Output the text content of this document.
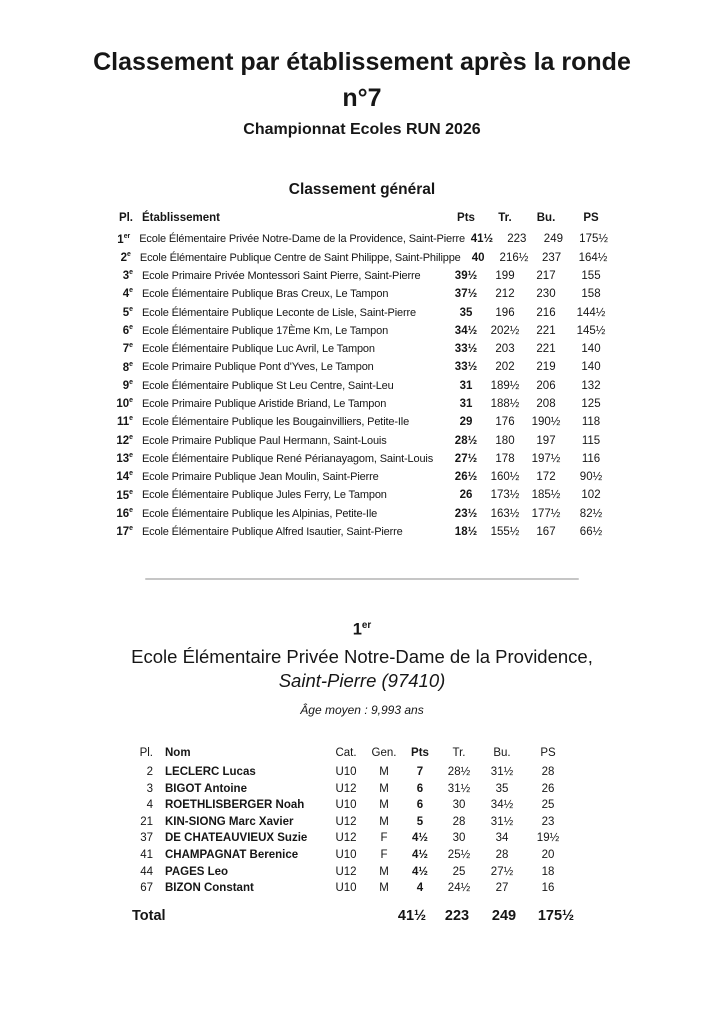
Classement par établissement après la ronde n°7
Championnat Ecoles RUN 2026
Classement général
Pl. Établissement	Pts	Tr.	Bu.	PS
1er Ecole Élémentaire Privée Notre-Dame de la Providence, Saint-Pierre 41½	223	249	175½
2e Ecole Élémentaire Publique Centre de Saint Philippe, Saint-Philippe 40	216½	237	164½
3e Ecole Primaire Privée Montessori Saint Pierre, Saint-Pierre	39½	199	217	155
4e Ecole Élémentaire Publique Bras Creux, Le Tampon	37½	212	230	158
5e Ecole Élémentaire Publique Leconte de Lisle, Saint-Pierre	35	196	216	144½
6e Ecole Élémentaire Publique 17Ème Km, Le Tampon	34½	202½	221	145½
7e Ecole Élémentaire Publique Luc Avril, Le Tampon	33½	203	221	140
8e Ecole Primaire Publique Pont d'Yves, Le Tampon	33½	202	219	140
9e Ecole Élémentaire Publique St Leu Centre, Saint-Leu	31	189½	206	132
10e Ecole Primaire Publique Aristide Briand, Le Tampon	31	188½	208	125
11e Ecole Élémentaire Publique les Bougainvilliers, Petite-Ile	29	176	190½	118
12e Ecole Primaire Publique Paul Hermann, Saint-Louis	28½	180	197	115
13e Ecole Élémentaire Publique René Périanayagom, Saint-Louis	27½	178	197½	116
14e Ecole Primaire Publique Jean Moulin, Saint-Pierre	26½	160½	172	90½
15e Ecole Élémentaire Publique Jules Ferry, Le Tampon	26	173½	185½	102
16e Ecole Élémentaire Publique les Alpinias, Petite-Ile	23½	163½	177½	82½
17e Ecole Élémentaire Publique Alfred Isautier, Saint-Pierre	18½	155½	167	66½
1er
Ecole Élémentaire Privée Notre-Dame de la Providence,
Saint-Pierre (97410)
Âge moyen : 9,993 ans
Pl.	Nom	Cat.	Gen.	Pts	Tr.	Bu.	PS
2	LECLERC Lucas	U10	M	7	28½	31½	28
3	BIGOT Antoine	U12	M	6	31½	35	26
4	ROETHLISBERGER Noah	U10	M	6	30	34½	25
21	KIN-SIONG Marc Xavier	U12	M	5	28	31½	23
37	DE CHATEAUVIEUX Suzie	U12	F	4½	30	34	19½
41	CHAMPAGNAT Berenice	U10	F	4½	25½	28	20
44	PAGES Leo	U12	M	4½	25	27½	18
67	BIZON Constant	U10	M	4	24½	27	16
Total	41½	223	249	175½
